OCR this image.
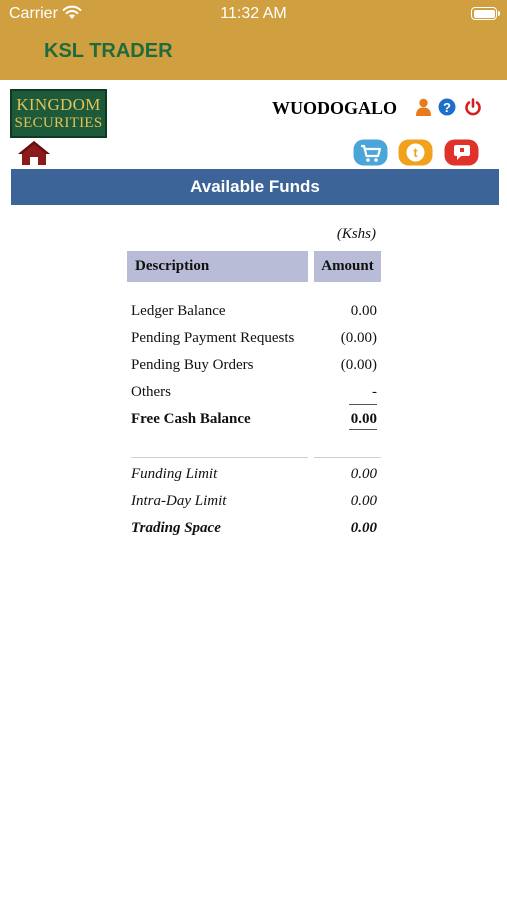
Carrier	11:32 AM
KSL TRADER
KINGDOM
SECURITIES
WUODOGALO	?
t
Available Funds
(Kshs)
Description	Amount
Ledger Balance	0.00
Pending Payment Requests	(0.00)
Pending Buy Orders	(0.00)
Others	-
Free Cash Balance	0.00
Funding Limit	0.00
Intra-Day Limit	0.00
Trading Space	0.00
